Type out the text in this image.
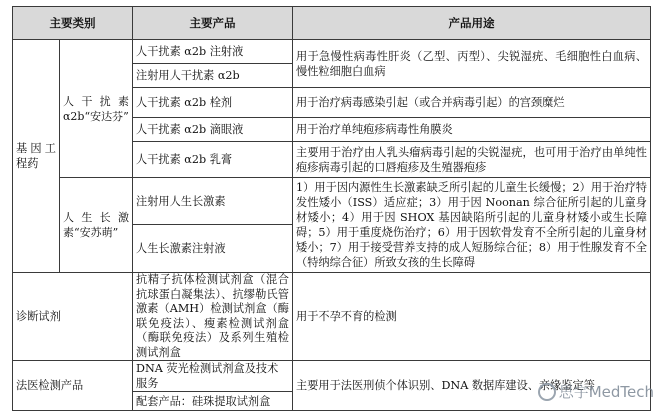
主要类别		主要产品	产品用途
基因工程药	人 干 扰 素 α2b“安达芬”	人干扰素 α2b 注射液	用于急慢性病毒性肝炎（乙型、丙型）、尖锐湿疣、毛细胞性白血病、慢性粒细胞白血病
		注射用人干扰素 α2b	
		人干扰素 α2b 栓剂	用于治疗病毒感染引起（或合并病毒引起）的宫颈糜烂
		人干扰素 α2b 滴眼液	用于治疗单纯疱疹病毒性角膜炎
		人干扰素 α2b 乳膏	主要用于治疗由人乳头瘤病毒引起的尖锐湿疣，也可用于治疗由单纯性疱疹病毒引起的口唇疱疹及生殖器疱疹
	人 生 长 激 素“安苏萌”	注射用人生长激素	1）用于因内源性生长激素缺乏所引起的儿童生长缓慢；2）用于治疗特发性矮小（ISS）适应症；3）用于因 Noonan 综合征所引起的儿童身材矮小；4）用于因 SHOX 基因缺陷所引起的儿童身材矮小或生长障碍；5）用于重度烧伤治疗；6）用于因软骨发育不全所引起的儿童身材矮小；7）用于接受营养支持的成人短肠综合征；8）用于性腺发育不全（特纳综合征）所致女孩的生长障碍
		人生长激素注射液	
诊断试剂		抗精子抗体检测试剂盒（混合抗球蛋白凝集法）、抗缪勒氏管激素（AMH）检测试剂盒（酶联免疫法）、瘦素检测试剂盒（酶联免疫法）及系列生殖检测试剂盒	用于不孕不育的检测
法医检测产品		DNA 荧光检测试剂盒及技术服务	主要用于法医刑侦个体识别、DNA 数据库建设、亲缘鉴定等
		配套产品：硅珠提取试剂盒		思宇MedTech
